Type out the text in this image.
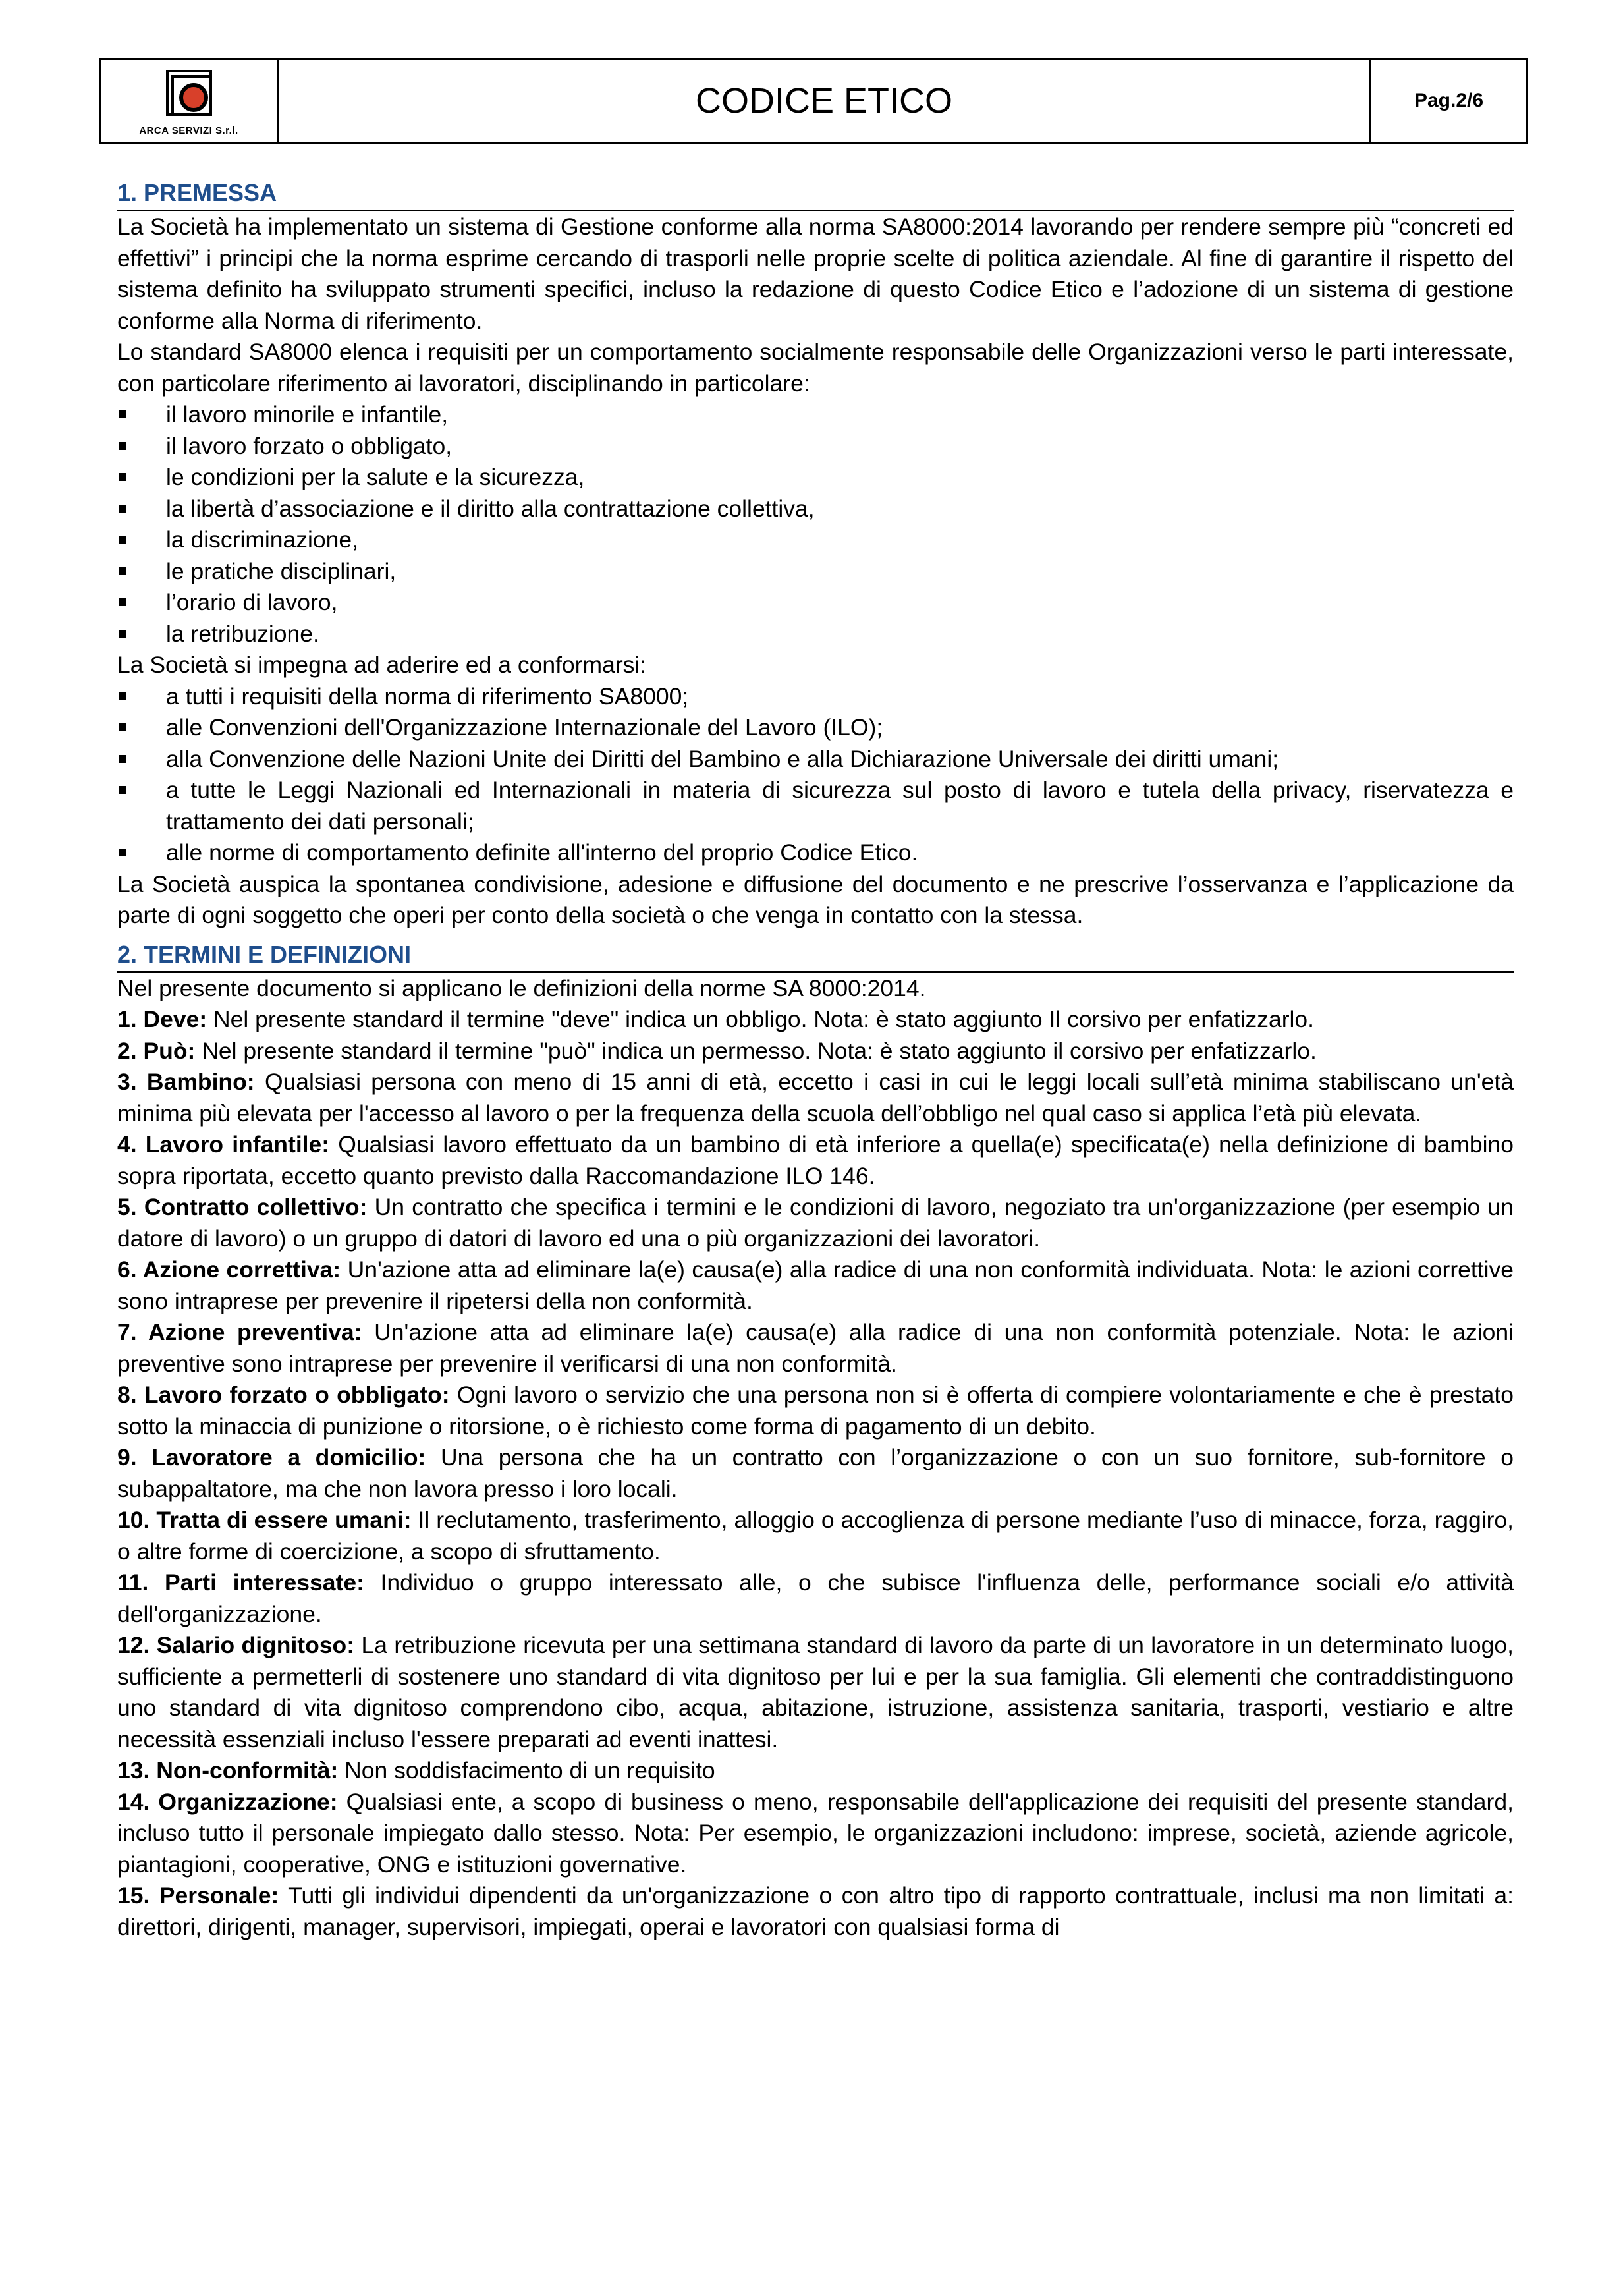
ARCA SERVIZI S.r.l.
CODICE ETICO	Pag.2/6
1. PREMESSA

La Società ha implementato un sistema di Gestione conforme alla norma SA8000:2014 lavorando per rendere sempre più “concreti ed effettivi” i principi che la norma esprime cercando di trasporli nelle proprie scelte di politica aziendale. Al fine di garantire il rispetto del sistema definito ha sviluppato strumenti specifici, incluso la redazione di questo Codice Etico e l’adozione di un sistema di gestione conforme alla Norma di riferimento.

Lo standard SA8000 elenca i requisiti per un comportamento socialmente responsabile delle Organizzazioni verso le parti interessate, con particolare riferimento ai lavoratori, disciplinando in particolare:

il lavoro minorile e infantile,
il lavoro forzato o obbligato,
le condizioni per la salute e la sicurezza,
la libertà d’associazione e il diritto alla contrattazione collettiva,
la discriminazione,
le pratiche disciplinari,
l’orario di lavoro,
la retribuzione.

La Società si impegna ad aderire ed a conformarsi:

a tutti i requisiti della norma di riferimento SA8000;
alle Convenzioni dell'Organizzazione Internazionale del Lavoro (ILO);
alla Convenzione delle Nazioni Unite dei Diritti del Bambino e alla Dichiarazione Universale dei diritti umani;
a tutte le Leggi Nazionali ed Internazionali in materia di sicurezza sul posto di lavoro e tutela della privacy, riservatezza e trattamento dei dati personali;
alle norme di comportamento definite all'interno del proprio Codice Etico.

La Società auspica la spontanea condivisione, adesione e diffusione del documento e ne prescrive l’osservanza e l’applicazione da parte di ogni soggetto che operi per conto della società o che venga in contatto con la stessa.

2. TERMINI E DEFINIZIONI

Nel presente documento si applicano le definizioni della norme SA 8000:2014.

1. Deve: Nel presente standard il termine "deve" indica un obbligo. Nota: è stato aggiunto Il corsivo per enfatizzarlo.

2. Può: Nel presente standard il termine "può" indica un permesso. Nota: è stato aggiunto il corsivo per enfatizzarlo.

3. Bambino: Qualsiasi persona con meno di 15 anni di età, eccetto i casi in cui le leggi locali sull’età minima stabiliscano un'età minima più elevata per l'accesso al lavoro o per la frequenza della scuola dell’obbligo nel qual caso si applica l’età più elevata.

4. Lavoro infantile: Qualsiasi lavoro effettuato da un bambino di età inferiore a quella(e) specificata(e) nella definizione di bambino sopra riportata, eccetto quanto previsto dalla Raccomandazione ILO 146.

5. Contratto collettivo: Un contratto che specifica i termini e le condizioni di lavoro, negoziato tra un'organizzazione (per esempio un datore di lavoro) o un gruppo di datori di lavoro ed una o più organizzazioni dei lavoratori.

6. Azione correttiva: Un'azione atta ad eliminare la(e) causa(e) alla radice di una non conformità individuata. Nota: le azioni correttive sono intraprese per prevenire il ripetersi della non conformità.

7. Azione preventiva: Un'azione atta ad eliminare la(e) causa(e) alla radice di una non conformità potenziale. Nota: le azioni preventive sono intraprese per prevenire il verificarsi di una non conformità.

8. Lavoro forzato o obbligato: Ogni lavoro o servizio che una persona non si è offerta di compiere volontariamente e che è prestato sotto la minaccia di punizione o ritorsione, o è richiesto come forma di pagamento di un debito.

9. Lavoratore a domicilio: Una persona che ha un contratto con l’organizzazione o con un suo fornitore, sub-fornitore o subappaltatore, ma che non lavora presso i loro locali.

10. Tratta di essere umani: Il reclutamento, trasferimento, alloggio o accoglienza di persone mediante l’uso di minacce, forza, raggiro, o altre forme di coercizione, a scopo di sfruttamento.

11. Parti interessate: Individuo o gruppo interessato alle, o che subisce l'influenza delle, performance sociali e/o attività dell'organizzazione.

12. Salario dignitoso: La retribuzione ricevuta per una settimana standard di lavoro da parte di un lavoratore in un determinato luogo, sufficiente a permetterli di sostenere uno standard di vita dignitoso per lui e per la sua famiglia. Gli elementi che contraddistinguono uno standard di vita dignitoso comprendono cibo, acqua, abitazione, istruzione, assistenza sanitaria, trasporti, vestiario e altre necessità essenziali incluso l'essere preparati ad eventi inattesi.

13. Non-conformità: Non soddisfacimento di un requisito

14. Organizzazione: Qualsiasi ente, a scopo di business o meno, responsabile dell'applicazione dei requisiti del presente standard, incluso tutto il personale impiegato dallo stesso. Nota: Per esempio, le organizzazioni includono: imprese, società, aziende agricole, piantagioni, cooperative, ONG e istituzioni governative.

15. Personale: Tutti gli individui dipendenti da un'organizzazione o con altro tipo di rapporto contrattuale, inclusi ma non limitati a: direttori, dirigenti, manager, supervisori, impiegati, operai e lavoratori con qualsiasi forma di
